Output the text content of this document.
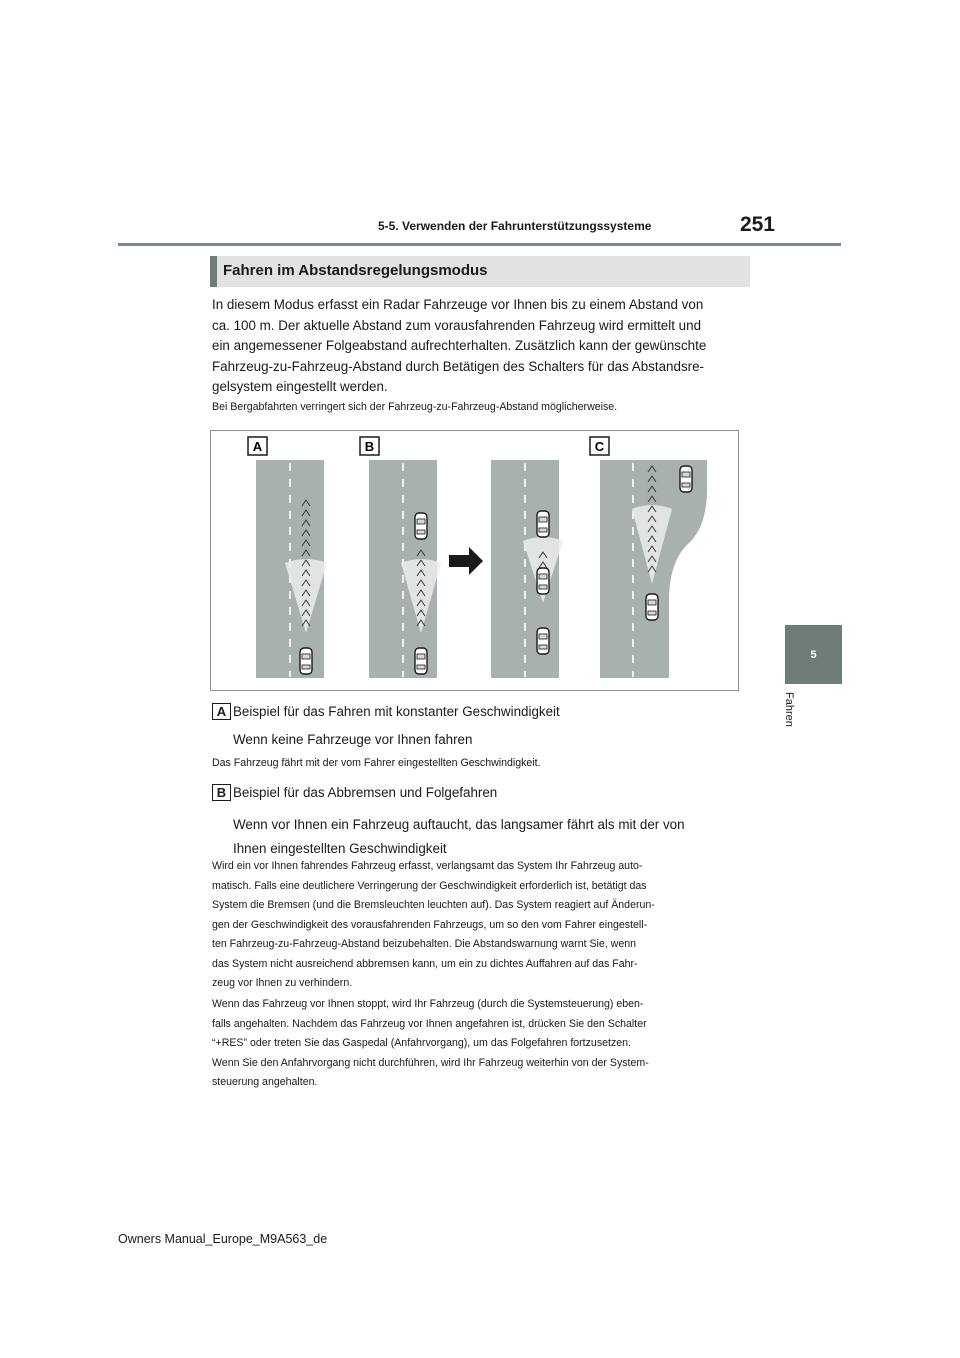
5-5. Verwenden der Fahrunterstützungssysteme	251
5
Fahren
Fahren im Abstandsregelungsmodus
In diesem Modus erfasst ein Radar Fahrzeuge vor Ihnen bis zu einem Abstand von
ca. 100 m. Der aktuelle Abstand zum vorausfahrenden Fahrzeug wird ermittelt und
ein angemessener Folgeabstand aufrechterhalten. Zusätzlich kann der gewünschte
Fahrzeug-zu-Fahrzeug-Abstand durch Betätigen des Schalters für das Abstandsre-
gelsystem eingestellt werden.
Bei Bergabfahrten verringert sich der Fahrzeug-zu-Fahrzeug-Abstand möglicherweise.
A	B	C
A Beispiel für das Fahren mit konstanter Geschwindigkeit
Wenn keine Fahrzeuge vor Ihnen fahren
Das Fahrzeug fährt mit der vom Fahrer eingestellten Geschwindigkeit.
B Beispiel für das Abbremsen und Folgefahren
Wenn vor Ihnen ein Fahrzeug auftaucht, das langsamer fährt als mit der von
Ihnen eingestellten Geschwindigkeit
Wird ein vor Ihnen fahrendes Fahrzeug erfasst, verlangsamt das System Ihr Fahrzeug auto-
matisch. Falls eine deutlichere Verringerung der Geschwindigkeit erforderlich ist, betätigt das
System die Bremsen (und die Bremsleuchten leuchten auf). Das System reagiert auf Änderun-
gen der Geschwindigkeit des vorausfahrenden Fahrzeugs, um so den vom Fahrer eingestell-
ten Fahrzeug-zu-Fahrzeug-Abstand beizubehalten. Die Abstandswarnung warnt Sie, wenn
das System nicht ausreichend abbremsen kann, um ein zu dichtes Auffahren auf das Fahr-
zeug vor Ihnen zu verhindern.
Wenn das Fahrzeug vor Ihnen stoppt, wird Ihr Fahrzeug (durch die Systemsteuerung) eben-
falls angehalten. Nachdem das Fahrzeug vor Ihnen angefahren ist, drücken Sie den Schalter
“+RES” oder treten Sie das Gaspedal (Anfahrvorgang), um das Folgefahren fortzusetzen.
Wenn Sie den Anfahrvorgang nicht durchführen, wird Ihr Fahrzeug weiterhin von der System-
steuerung angehalten.
Owners Manual_Europe_M9A563_de
